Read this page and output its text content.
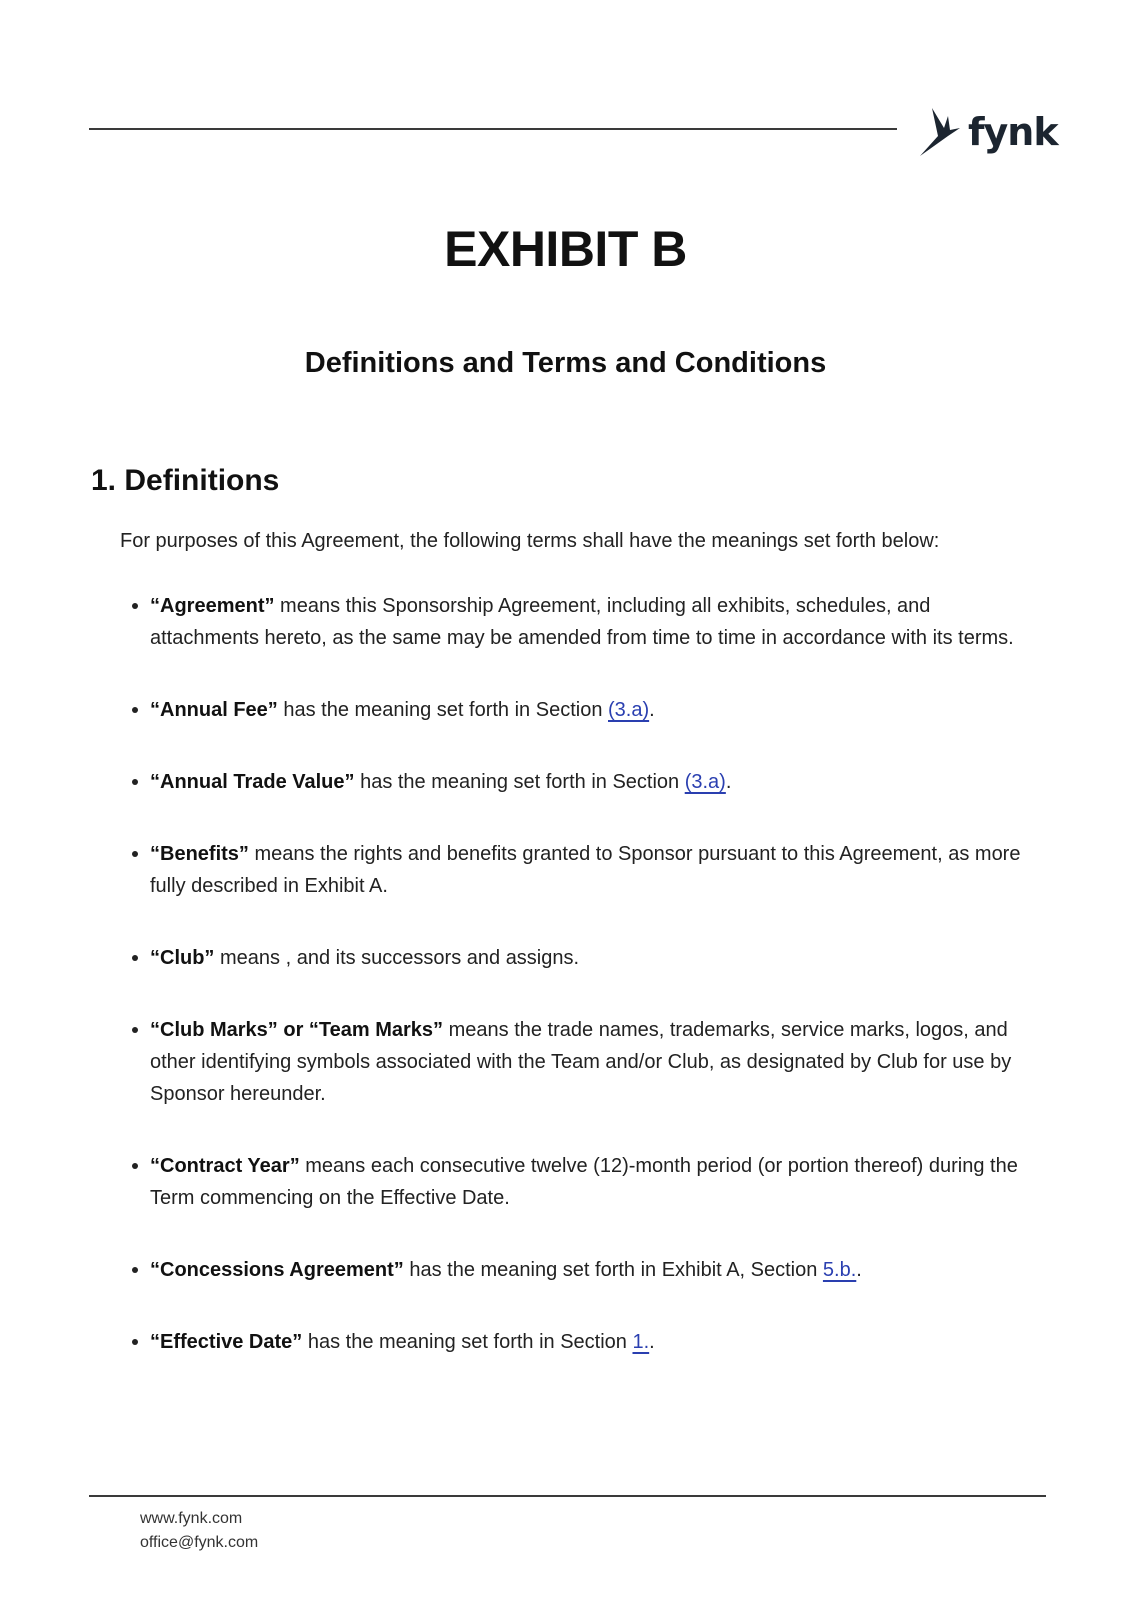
fynk
EXHIBIT B
Definitions and Terms and Conditions
1. Definitions
For purposes of this Agreement, the following terms shall have the meanings set forth below:
“Agreement” means this Sponsorship Agreement, including all exhibits, schedules, and attachments hereto, as the same may be amended from time to time in accordance with its terms.
“Annual Fee” has the meaning set forth in Section (3.a).
“Annual Trade Value” has the meaning set forth in Section (3.a).
“Benefits” means the rights and benefits granted to Sponsor pursuant to this Agreement, as more fully described in Exhibit A.
“Club” means , and its successors and assigns.
“Club Marks” or “Team Marks” means the trade names, trademarks, service marks, logos, and other identifying symbols associated with the Team and/or Club, as designated by Club for use by Sponsor hereunder.
“Contract Year” means each consecutive twelve (12)-month period (or portion thereof) during the Term commencing on the Effective Date.
“Concessions Agreement” has the meaning set forth in Exhibit A, Section 5.b..
“Effective Date” has the meaning set forth in Section 1..
www.fynk.com
office@fynk.com
